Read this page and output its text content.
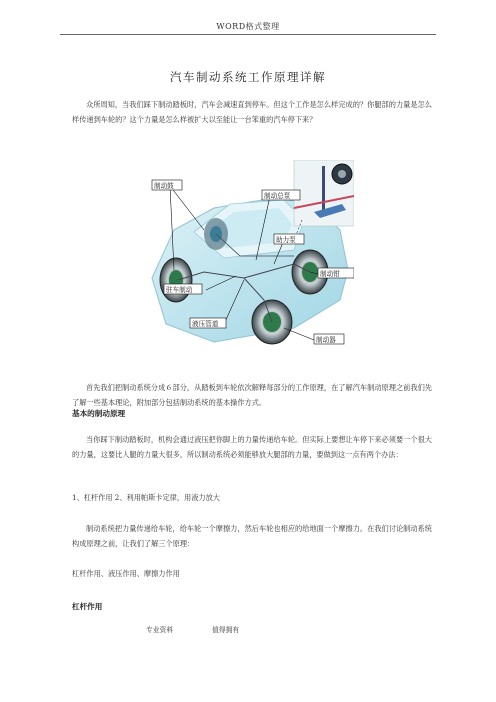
WORD格式整理
汽车制动系统工作原理详解
众所周知，当我们踩下制动踏板时，汽车会减速直到停车。但这个工作是怎么样完成的？你腿部的力量是怎么样传递到车轮的？这个力量是怎么样被扩大以至能让一台笨重的汽车停下来？
制动鼓
制动总泵
助力泵
驻车制动
液压管道
制动钳
制动器
首先我们把制动系统分成６部分，从踏板到车轮依次解释每部分的工作原理，在了解汽车制动原理之前我们先了解一些基本理论，附加部分包括制动系统的基本操作方式。
基本的制动原理
当你踩下制动踏板时，机构会通过液压把你脚上的力量传递给车轮。但实际上要想让车停下来必须要一个很大的力量，这要比人腿的力量大很多，所以制动系统必须能够放大腿部的力量，要做到这一点有两个办法：
1、杠杆作用 2、利用帕斯卡定律，用液力放大
制动系统把力量传递给车轮，给车轮一个摩擦力，然后车轮也相应的给地面一个摩擦力。在我们讨论制动系统构成原理之前，让我们了解三个原理：
杠杆作用、液压作用、摩擦力作用
杠杆作用
专业资料	值得拥有
